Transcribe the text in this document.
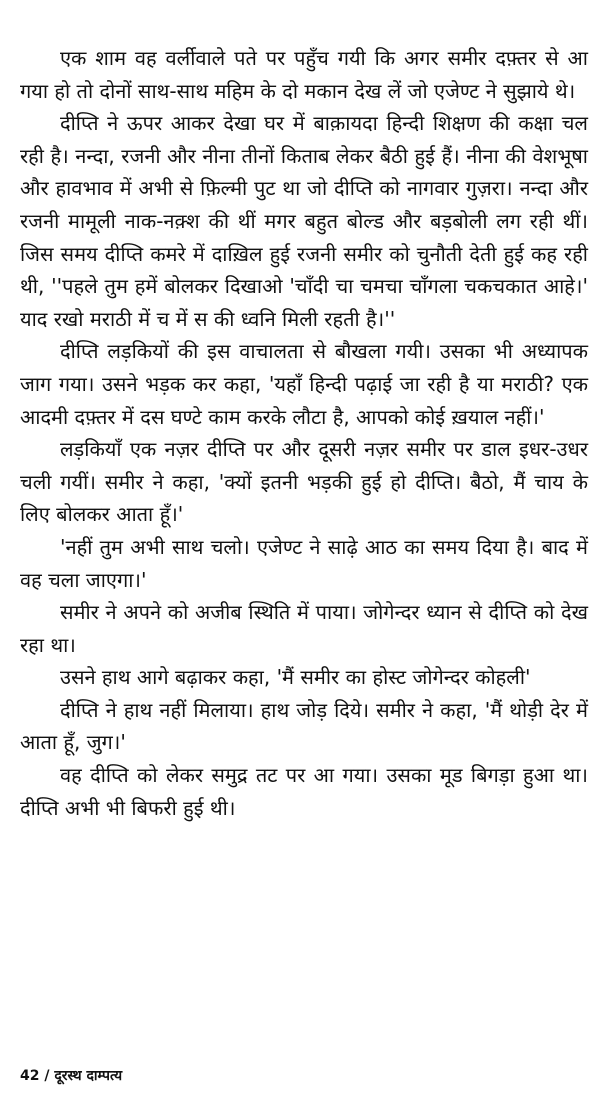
एक शाम वह वर्लीवाले पते पर पहुँच गयी कि अगर समीर दफ़्तर से आ गया हो तो दोनों साथ-साथ महिम के दो मकान देख लें जो एजेण्ट ने सुझाये थे।

दीप्ति ने ऊपर आकर देखा घर में बाक़ायदा हिन्दी शिक्षण की कक्षा चल रही है। नन्दा, रजनी और नीना तीनों किताब लेकर बैठी हुई हैं। नीना की वेशभूषा और हावभाव में अभी से फ़िल्मी पुट था जो दीप्ति को नागवार गुज़रा। नन्दा और रजनी मामूली नाक-नक़्श की थीं मगर बहुत बोल्ड और बड़बोली लग रही थीं। जिस समय दीप्ति कमरे में दाख़िल हुई रजनी समीर को चुनौती देती हुई कह रही थी, ''पहले तुम हमें बोलकर दिखाओ 'चाँदी चा चमचा चाँगला चकचकात आहे।' याद रखो मराठी में च में स की ध्वनि मिली रहती है।''

दीप्ति लड़कियों की इस वाचालता से बौखला गयी। उसका भी अध्यापक जाग गया। उसने भड़क कर कहा, 'यहाँ हिन्दी पढ़ाई जा रही है या मराठी? एक आदमी दफ़्तर में दस घण्टे काम करके लौटा है, आपको कोई ख़याल नहीं।'

लड़कियाँ एक नज़र दीप्ति पर और दूसरी नज़र समीर पर डाल इधर-उधर चली गयीं। समीर ने कहा, 'क्यों इतनी भड़की हुई हो दीप्ति। बैठो, मैं चाय के लिए बोलकर आता हूँ।'

'नहीं तुम अभी साथ चलो। एजेण्ट ने साढ़े आठ का समय दिया है। बाद में वह चला जाएगा।'

समीर ने अपने को अजीब स्थिति में पाया। जोगेन्दर ध्यान से दीप्ति को देख रहा था।

उसने हाथ आगे बढ़ाकर कहा, 'मैं समीर का होस्ट जोगेन्दर कोहली'

दीप्ति ने हाथ नहीं मिलाया। हाथ जोड़ दिये। समीर ने कहा, 'मैं थोड़ी देर में आता हूँ, जुग।'

वह दीप्ति को लेकर समुद्र तट पर आ गया। उसका मूड बिगड़ा हुआ था। दीप्ति अभी भी बिफरी हुई थी।

42 / दूरस्थ दाम्पत्य
